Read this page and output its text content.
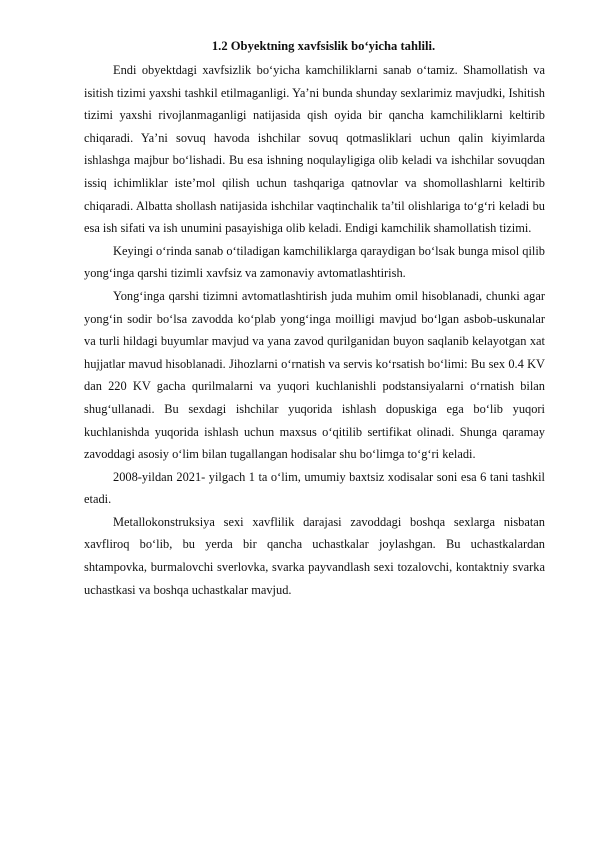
1.2 Obyektning xavfsislik bo‘yicha tahlili.

Endi obyektdagi xavfsizlik bo‘yicha kamchiliklarni sanab o‘tamiz. Shamollatish va isitish tizimi yaxshi tashkil etilmaganligi. Ya’ni bunda shunday sexlarimiz mavjudki, Ishitish tizimi yaxshi rivojlanmaganligi natijasida qish oyida bir qancha kamchiliklarni keltirib chiqaradi. Ya’ni sovuq havoda ishchilar sovuq qotmasliklari uchun qalin kiyimlarda ishlashga majbur bo‘lishadi. Bu esa ishning noqulayligiga olib keladi va ishchilar sovuqdan issiq ichimliklar iste’mol qilish uchun tashqariga qatnovlar va shomollashlarni keltirib chiqaradi. Albatta shollash natijasida ishchilar vaqtinchalik ta’til olishlariga to‘g‘ri keladi bu esa ish sifati va ish unumini pasayishiga olib keladi. Endigi kamchilik shamollatish tizimi.

Keyingi o‘rinda sanab o‘tiladigan kamchiliklarga qaraydigan bo‘lsak bunga misol qilib yong‘inga qarshi tizimli xavfsiz va zamonaviy avtomatlashtirish.

Yong‘inga qarshi tizimni avtomatlashtirish juda muhim omil hisoblanadi, chunki agar yong‘in sodir bo‘lsa zavodda ko‘plab yong‘inga moilligi mavjud bo‘lgan asbob-uskunalar va turli hildagi buyumlar mavjud va yana zavod qurilganidan buyon saqlanib kelayotgan xat hujjatlar mavud hisoblanadi. Jihozlarni o‘rnatish va servis ko‘rsatish bo‘limi: Bu sex 0.4 KV dan 220 KV gacha qurilmalarni va yuqori kuchlanishli podstansiyalarni o‘rnatish bilan shug‘ullanadi. Bu sexdagi ishchilar yuqorida ishlash dopuskiga ega bo‘lib yuqori kuchlanishda yuqorida ishlash uchun maxsus o‘qitilib sertifikat olinadi. Shunga qaramay zavoddagi asosiy o‘lim bilan tugallangan hodisalar shu bo‘limga to‘g‘ri keladi.

2008-yildan 2021- yilgach 1 ta o‘lim, umumiy baxtsiz xodisalar soni esa 6 tani tashkil etadi.

Metallokonstruksiya sexi xavflilik darajasi zavoddagi boshqa sexlarga nisbatan xavfliroq bo‘lib, bu yerda bir qancha uchastkalar joylashgan. Bu uchastkalardan shtampovka, burmalovchi sverlovka, svarka payvandlash sexi tozalovchi, kontaktniy svarka uchastkasi va boshqa uchastkalar mavjud.
